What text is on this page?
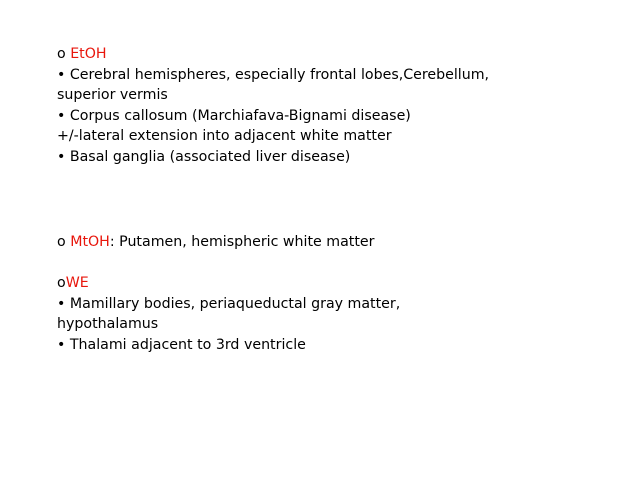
o EtOH
• Cerebral hemispheres, especially frontal lobes,Cerebellum,
superior vermis
• Corpus callosum (Marchiafava-Bignami disease)
+/-lateral extension into adjacent white matter
• Basal ganglia (associated liver disease)
o MtOH: Putamen, hemispheric white matter
oWE
• Mamillary bodies, periaqueductal gray matter,
hypothalamus
• Thalami adjacent to 3rd ventricle
